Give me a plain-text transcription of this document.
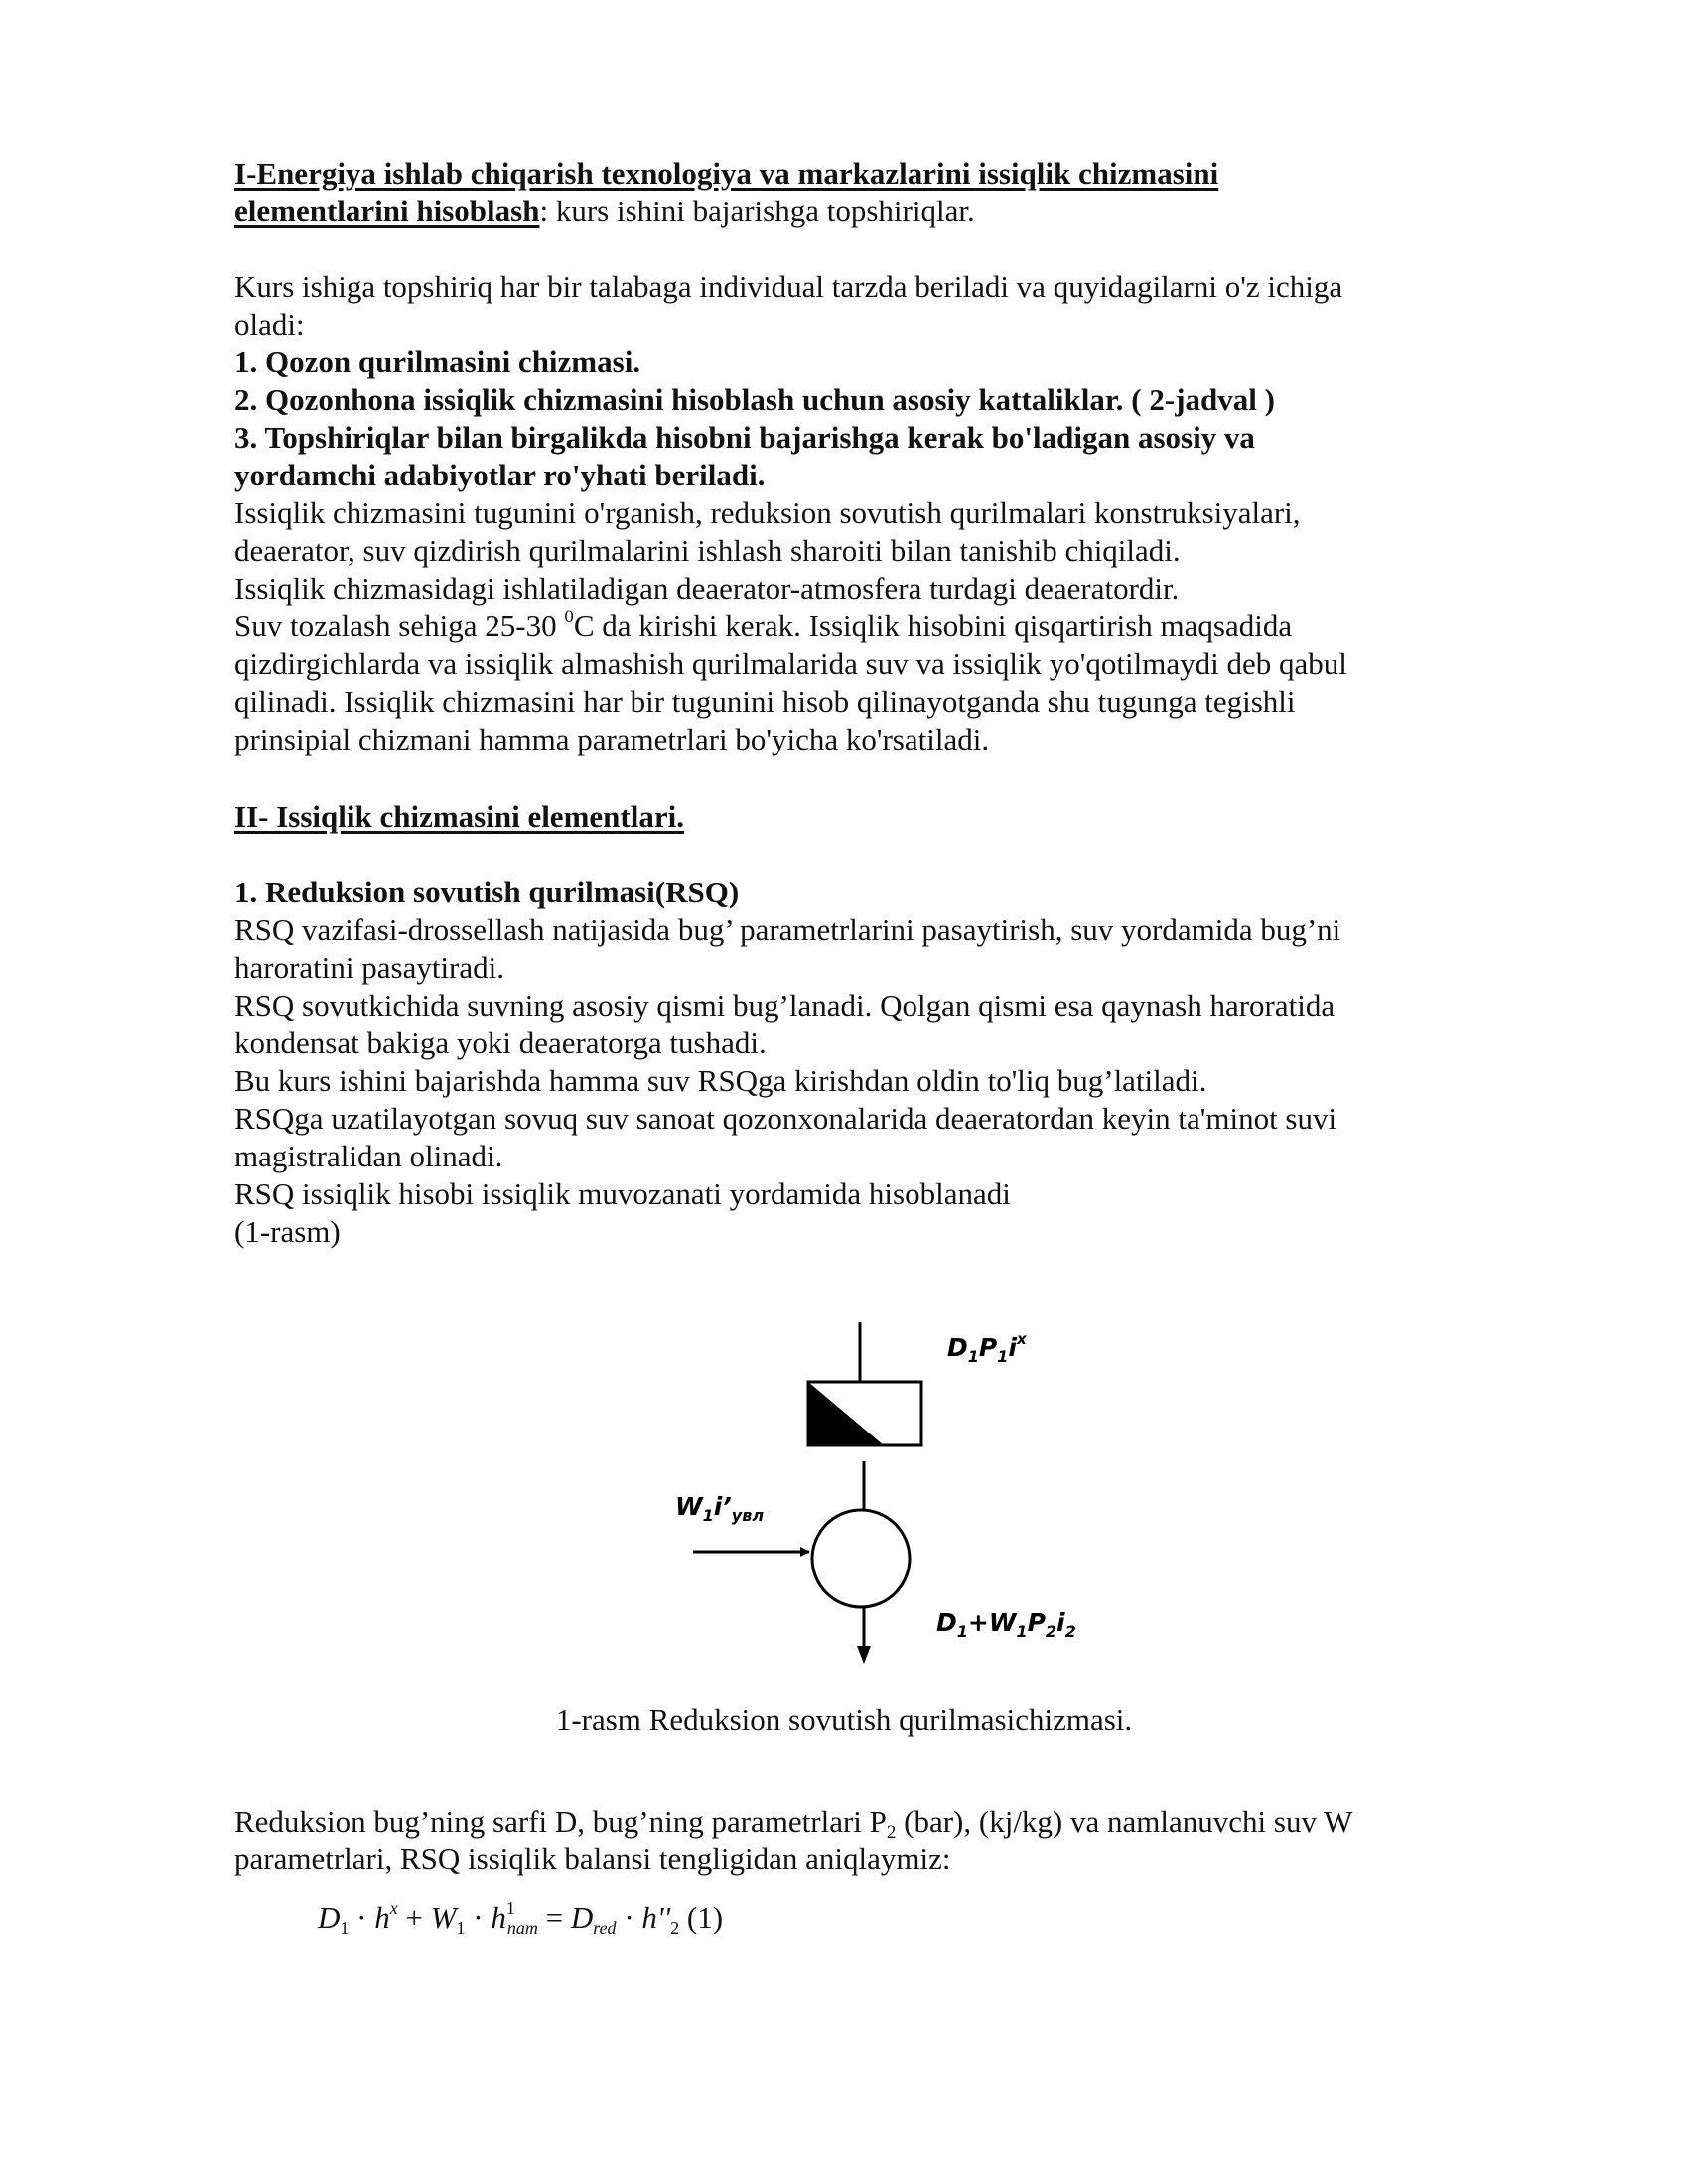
I-Energiya ishlab chiqarish texnologiya va markazlarini issiqlik chizmasini
elementlarini hisoblash: kurs ishini bajarishga topshiriqlar.
Kurs ishiga topshiriq har bir talabaga individual tarzda beriladi va quyidagilarni o'z ichiga
oladi:
1. Qozon qurilmasini chizmasi.
2. Qozonhona issiqlik chizmasini hisoblash uchun asosiy kattaliklar. ( 2-jadval )
3. Topshiriqlar bilan birgalikda hisobni bajarishga kerak bo'ladigan asosiy va
yordamchi adabiyotlar ro'yhati beriladi.
Issiqlik chizmasini tugunini o'rganish, reduksion sovutish qurilmalari konstruksiyalari,
deaerator, suv qizdirish qurilmalarini ishlash sharoiti bilan tanishib chiqiladi.
Issiqlik chizmasidagi ishlatiladigan deaerator-atmosfera turdagi deaeratordir.
Suv tozalash sehiga 25-30 $^0$C da kirishi kerak. Issiqlik hisobini qisqartirish maqsadida
qizdirgichlarda va issiqlik almashish qurilmalarida suv va issiqlik yo'qotilmaydi deb qabul
qilinadi. Issiqlik chizmasini har bir tugunini hisob qilinayotganda shu tugunga tegishli
prinsipial chizmani hamma parametrlari bo'yicha ko'rsatiladi.
II- Issiqlik chizmasini elementlari.
1. Reduksion sovutish qurilmasi(RSQ)
RSQ vazifasi-drossellash natijasida bug’ parametrlarini pasaytirish, suv yordamida bug’ni
haroratini pasaytiradi.
RSQ sovutkichida suvning asosiy qismi bug’lanadi. Qolgan qismi esa qaynash haroratida
kondensat bakiga yoki deaeratorga tushadi.
Bu kurs ishini bajarishda hamma suv RSQga kirishdan oldin to'liq bug’latiladi.
RSQga uzatilayotgan sovuq suv sanoat qozonxonalarida deaeratordan keyin ta'minot suvi
magistralidan olinadi.
RSQ issiqlik hisobi issiqlik muvozanati yordamida hisoblanadi
(1-rasm)
$D_1P_1i^x$
$W_1i’_{увл}$
$D_1+W_1P_2i_2$
1-rasm Reduksion sovutish qurilmasichizmasi.
Reduksion bug’ning sarfi D, bug’ning parametrlari $P_2$ (bar), (kj/kg) va namlanuvchi suv W
parametrlari, RSQ issiqlik balansi tengligidan aniqlaymiz:
$D_1 \cdot h^x + W_1 \cdot h^1_{nam} = D_{red} \cdot h''_2$ (1)
